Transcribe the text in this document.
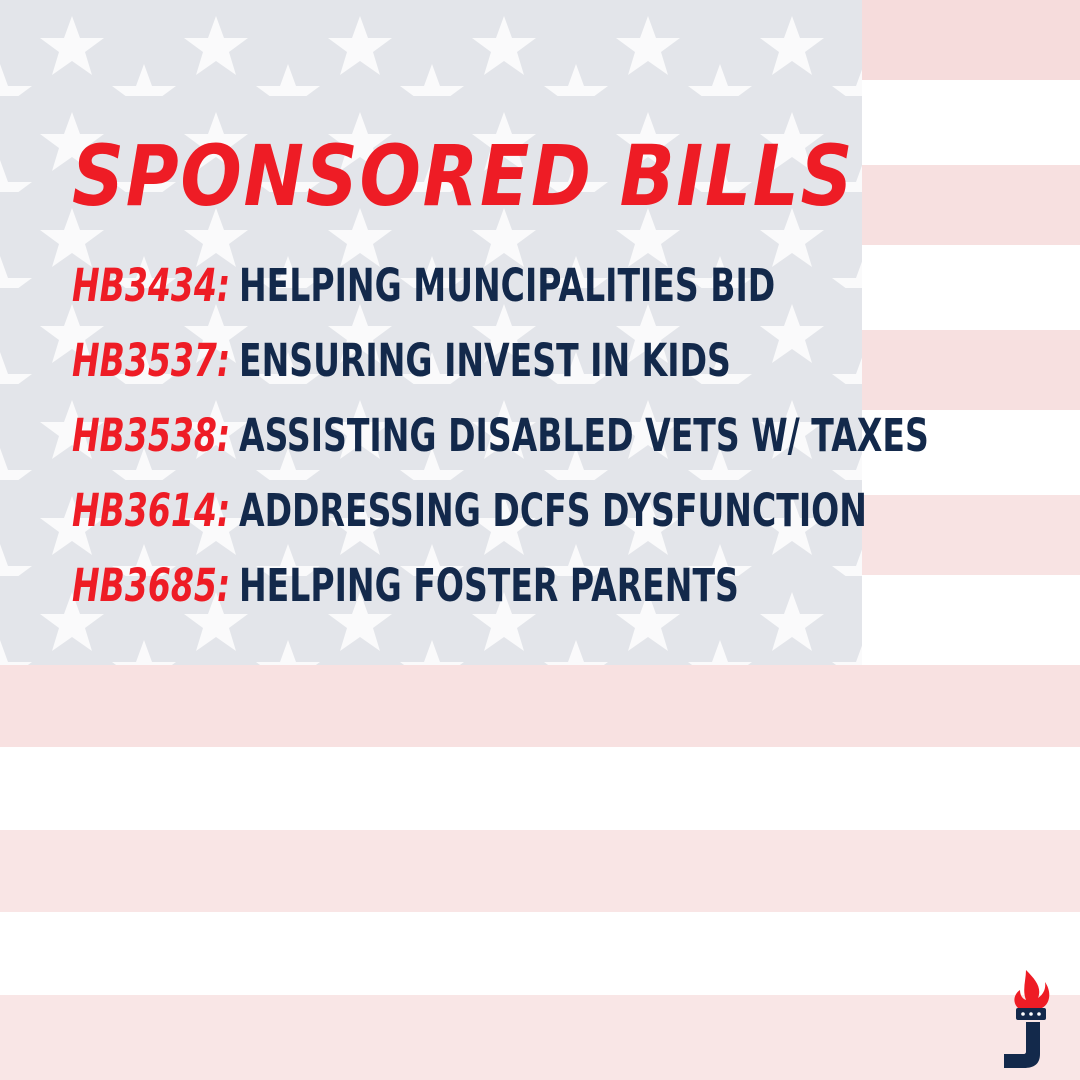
SPONSORED BILLS
HB3434: HELPING MUNCIPALITIES BID
HB3537: ENSURING INVEST IN KIDS
HB3538: ASSISTING DISABLED VETS W/ TAXES
HB3614: ADDRESSING DCFS DYSFUNCTION
HB3685: HELPING FOSTER PARENTS
